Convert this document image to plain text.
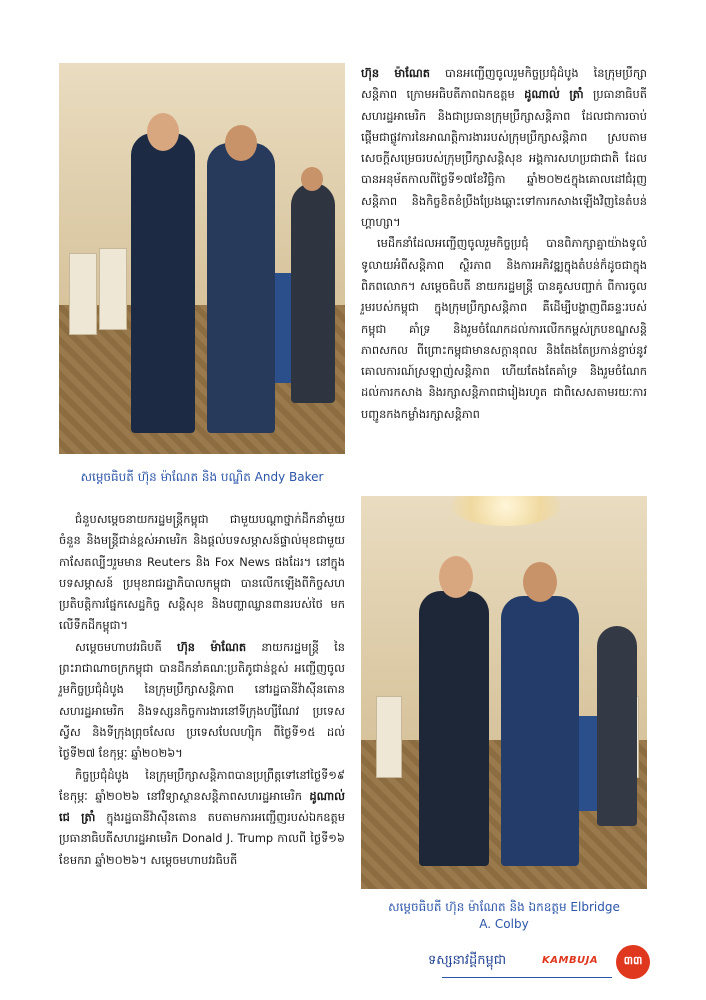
សម្តេចធិបតី ហ៊ុន ម៉ាណែត និង បណ្ឌិត Andy Baker

ហ៊ុន ម៉ាណែត បានអញ្ជើញចូលរួមកិច្ចប្រជុំដំបូង នៃក្រុមប្រឹក្សាសន្តិភាព ក្រោមអធិបតីភាពឯកឧត្តម ដូណាល់ ត្រាំ ប្រធានាធិបតីសហរដ្ឋអាមេរិក និងជាប្រធានក្រុមប្រឹក្សាសន្តិភាព ដែលជាការចាប់ផ្តើមជាផ្លូវការនៃអាណត្តិការងាររបស់ក្រុមប្រឹក្សាសន្តិភាព ស្របតាមសេចក្តីសម្រេចរបស់ក្រុមប្រឹក្សាសន្តិសុខ អង្គការសហប្រជាជាតិ ដែលបានអនុម័តកាលពីថ្ងៃទី១៧ខែវិច្ឆិកា ឆ្នាំ២០២៥ក្នុងគោលដៅជំរុញសន្តិភាព និងកិច្ចខិតខំប្រឹងប្រែងឆ្ពោះទៅការកសាងឡើងវិញនៃតំបន់ហ្គាហ្សា។

មេដឹកនាំដែលអញ្ជើញចូលរួមកិច្ចប្រជុំ បានពិភាក្សាគ្នាយ៉ាងទូលំទូលាយអំពីសន្តិភាព ស្ថិរភាព និងការអភិវឌ្ឍក្នុងតំបន់ក៏ដូចជាក្នុងពិភពលោក។ សម្តេចធិបតី នាយករដ្ឋមន្ត្រី បានគូសបញ្ជាក់ ពីការចូលរួមរបស់កម្ពុជា ក្នុងក្រុមប្រឹក្សាសន្តិភាព គឺដើម្បីបង្ហាញពីឆន្ទៈរបស់កម្ពុជា គាំទ្រ និងរួមចំណែកដល់ការលើកកម្ពស់ក្របខណ្ឌសន្តិភាពសកល ពីព្រោះកម្ពុជាមានសក្តានុពល និងតែងតែប្រកាន់ខ្ជាប់នូវគោលការណ៍ស្រឡាញ់សន្តិភាព ហើយតែងតែគាំទ្រ និងរួមចំណែក ដល់ការកសាង និងរក្សាសន្តិភាពជារៀងរហូត ជាពិសេសតាមរយៈការបញ្ជូនកងកម្លាំងរក្សាសន្តិភាព

ជំនួបសម្តេចនាយករដ្ឋមន្ត្រីកម្ពុជា ជាមួយបណ្តាថ្នាក់ដឹកនាំមួយចំនួន និងមន្ត្រីជាន់ខ្ពស់អាមេរិក និងផ្តល់បទសម្ភាសន៍ផ្ទាល់មុខជាមួយកាសែតល្បីៗរួមមាន Reuters និង Fox News ផងដែរ។ នៅក្នុងបទសម្ភាសន៍ ប្រមុខរាជរដ្ឋាភិបាលកម្ពុជា បានលើកឡើងពីកិច្ចសហប្រតិបត្តិការផ្នែកសេដ្ឋកិច្ច សន្តិសុខ និងបញ្ហាឈ្លានពានរបស់ថៃ មកលើទឹកដីកម្ពុជា។

សម្តេចមហាបវរធិបតី ហ៊ុន ម៉ាណែត នាយករដ្ឋមន្ត្រី នៃព្រះរាជាណាចក្រកម្ពុជា បានដឹកនាំគណៈប្រតិភូជាន់ខ្ពស់ អញ្ជើញចូលរួមកិច្ចប្រជុំដំបូង នៃក្រុមប្រឹក្សាសន្តិភាព នៅរដ្ឋធានីវ៉ាស៊ីនតោន សហរដ្ឋអាមេរិក និងទស្សនកិច្ចការងារនៅទីក្រុងហ្សឺណែវ ប្រទេសស្វីស និងទីក្រុងព្រុចសែល ប្រទេសបែលហ្ស៊ិក ពីថ្ងៃទី១៥ ដល់ ថ្ងៃទី២៧ ខែកុម្ភៈ ឆ្នាំ២០២៦។

កិច្ចប្រជុំដំបូង នៃក្រុមប្រឹក្សាសន្តិភាពបានប្រព្រឹត្តទៅនៅថ្ងៃទី១៩ ខែកុម្ភៈ ឆ្នាំ២០២៦ នៅវិទ្យាស្ថានសន្តិភាពសហរដ្ឋអាមេរិក ដូណាល់ ជេ ត្រាំ ក្នុងរដ្ឋធានីវ៉ាស៊ីនតោន តបតាមការអញ្ជើញរបស់ឯកឧត្តមប្រធានាធិបតីសហរដ្ឋអាមេរិក Donald J. Trump កាលពី ថ្ងៃទី១៦ ខែមករា ឆ្នាំ២០២៦។ សម្តេចមហាបវរធិបតី

សម្តេចធិបតី ហ៊ុន ម៉ាណែត និង ឯកឧត្តម Elbridge
A. Colby
ទស្សនាវដ្តីកម្ពុជា	KAMBUJA	៣៣
